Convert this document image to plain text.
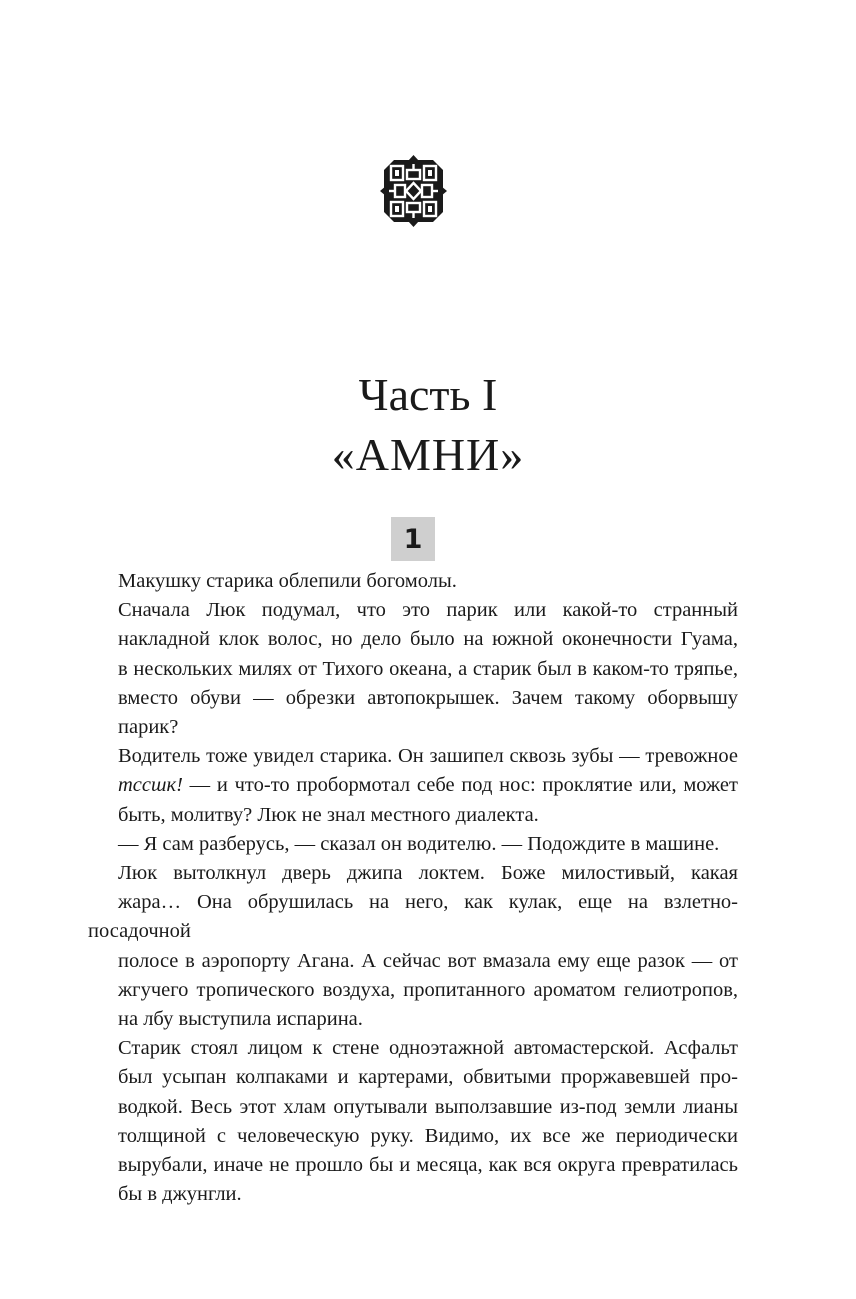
Часть I
«АМНИ»
1

Макушку старика облепили богомолы.

Сначала Люк подумал, что это парик или какой-то странный
накладной клок волос, но дело было на южной оконечности Гуама,
в нескольких милях от Тихого океана, а старик был в каком-то тряпье,
вместо обуви — обрезки автопокрышек. Зачем такому оборвышу
парик?

Водитель тоже увидел старика. Он зашипел сквозь зубы — тревожное
тссшк! — и что-то пробормотал себе под нос: проклятие или, может
быть, молитву? Люк не знал местного диалекта.

— Я сам разберусь, — сказал он водителю. — Подождите в машине.

Люк вытолкнул дверь джипа локтем. Боже милостивый, какая
жара… Она обрушилась на него, как кулак, еще на взлетно-посадочной
полосе в аэропорту Агана. А сейчас вот вмазала ему еще разок — от
жгучего тропического воздуха, пропитанного ароматом гелиотропов,
на лбу выступила испарина.

Старик стоял лицом к стене одноэтажной автомастерской. Асфальт
был усыпан колпаками и картерами, обвитыми проржавевшей про-
водкой. Весь этот хлам опутывали выползавшие из-под земли лианы
толщиной с человеческую руку. Видимо, их все же периодически
вырубали, иначе не прошло бы и месяца, как вся округа превратилась
бы в джунгли.
